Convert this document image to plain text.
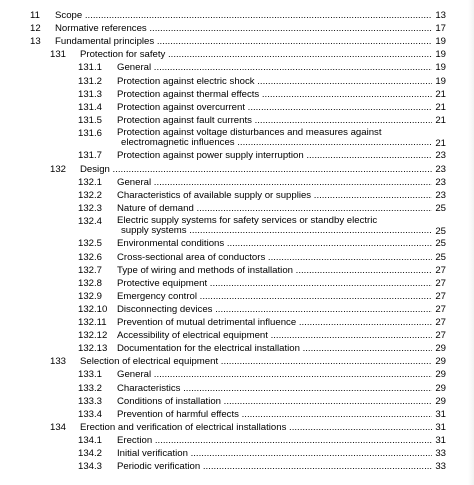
11 Scope .....	13
12 Normative references .....	17
13 Fundamental principles .....	19
131 Protection for safety .....	19
131.1 General .....	19
131.2 Protection against electric shock .....	19
131.3 Protection against thermal effects .....	21
131.4 Protection against overcurrent .....	21
131.5 Protection against fault currents .....	21
131.6 Protection against voltage disturbances and measures against
electromagnetic influences .....	21
131.7 Protection against power supply interruption .....	23
132 Design .....	23
132.1 General .....	23
132.2 Characteristics of available supply or supplies .....	23
132.3 Nature of demand .....	25
132.4 Electric supply systems for safety services or standby electric
supply systems .....	25
132.5 Environmental conditions .....	25
132.6 Cross-sectional area of conductors .....	25
132.7 Type of wiring and methods of installation .....	27
132.8 Protective equipment .....	27
132.9 Emergency control .....	27
132.10 Disconnecting devices .....	27
132.11 Prevention of mutual detrimental influence .....	27
132.12 Accessibility of electrical equipment .....	27
132.13 Documentation for the electrical installation .....	29
133 Selection of electrical equipment .....	29
133.1 General .....	29
133.2 Characteristics .....	29
133.3 Conditions of installation .....	29
133.4 Prevention of harmful effects .....	31
134 Erection and verification of electrical installations .....	31
134.1 Erection .....	31
134.2 Initial verification .....	33
134.3 Periodic verification .....	33
